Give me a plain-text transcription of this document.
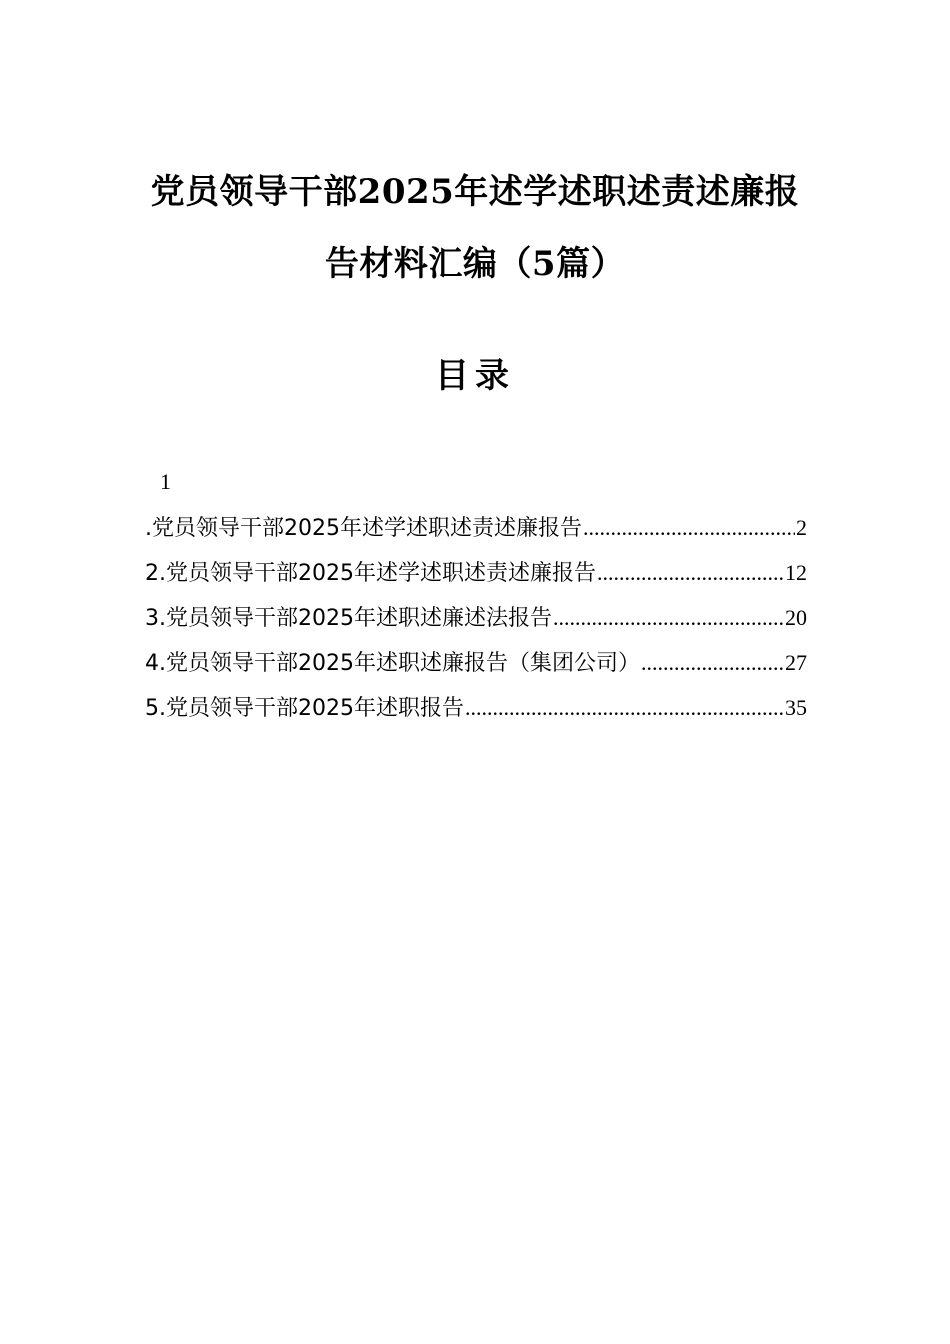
党员领导干部2025年述学述职述责述廉报
告材料汇编（5篇）
目录
1
.党员领导干部2025年述学述职述责述廉报告 .....	2
2.党员领导干部2025年述学述职述责述廉报告 .....	12
3.党员领导干部2025年述职述廉述法报告 .....	20
4.党员领导干部2025年述职述廉报告（集团公司） .....	27
5.党员领导干部2025年述职报告 .....	35
